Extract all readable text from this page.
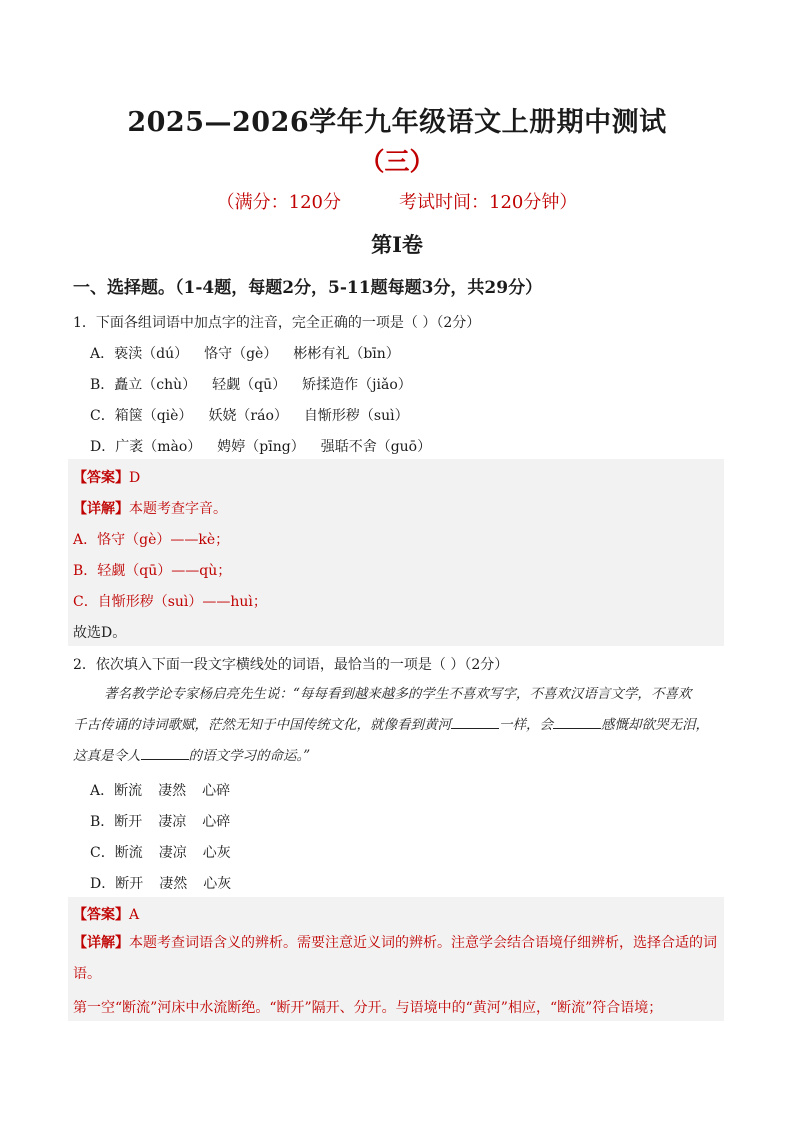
2025—2026学年九年级语文上册期中测试
（三）
（满分：120分	考试时间：120分钟）
第Ⅰ卷
一、选择题。（1-4题，每题2分，5-11题每题3分，共29分）
1．下面各组词语中加点字的注音，完全正确的一项是（ ）（2分）
A．亵渎（dú） 恪守（gè） 彬彬有礼（bīn）
B．矗立（chù） 轻觑（qū） 矫揉造作（jiǎo）
C．箱箧（qiè） 妖娆（ráo） 自惭形秽（suì）
D．广袤（mào） 娉婷（pīng） 强聒不舍（guō）
【答案】D
【详解】本题考查字音。
A．恪守（gè）——kè；
B．轻觑（qū）——qù；
C．自惭形秽（suì）——huì；
故选D。
2．依次填入下面一段文字横线处的词语，最恰当的一项是（ ）（2分）
著名教学论专家杨启亮先生说：“每每看到越来越多的学生不喜欢写字，不喜欢汉语言文学，不喜欢
千古传诵的诗词歌赋，茫然无知于中国传统文化，就像看到黄河	一样，会	感慨却欲哭无泪，
这真是令人	的语文学习的命运。”
A．断流 凄然 心碎
B．断开 凄凉 心碎
C．断流 凄凉 心灰
D．断开 凄然 心灰
【答案】A
【详解】本题考查词语含义的辨析。需要注意近义词的辨析。注意学会结合语境仔细辨析，选择合适的词语。
第一空“断流”河床中水流断绝。“断开”隔开、分开。与语境中的“黄河”相应，“断流”符合语境；
